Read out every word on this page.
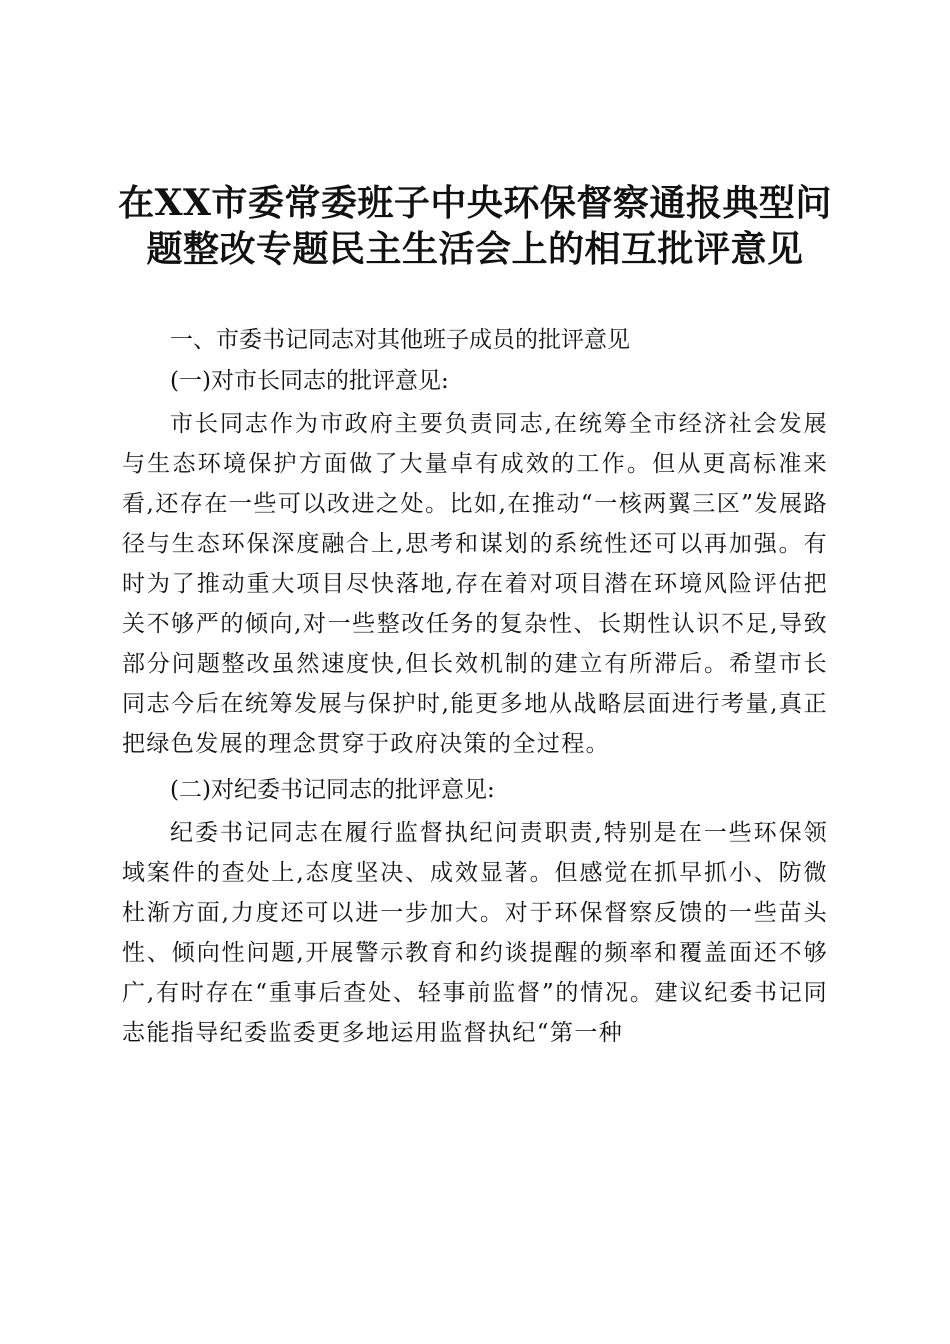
在XX市委常委班子中央环保督察通报典型问
题整改专题民主生活会上的相互批评意见

一、市委书记同志对其他班子成员的批评意见

(一)对市长同志的批评意见:

市长同志作为市政府主要负责同志,在统筹全市经济社会发展与生态环境保护方面做了大量卓有成效的工作。但从更高标准来看,还存在一些可以改进之处。比如,在推动“一核两翼三区”发展路径与生态环保深度融合上,思考和谋划的系统性还可以再加强。有时为了推动重大项目尽快落地,存在着对项目潜在环境风险评估把关不够严的倾向,对一些整改任务的复杂性、长期性认识不足,导致部分问题整改虽然速度快,但长效机制的建立有所滞后。希望市长同志今后在统筹发展与保护时,能更多地从战略层面进行考量,真正把绿色发展的理念贯穿于政府决策的全过程。

(二)对纪委书记同志的批评意见:

纪委书记同志在履行监督执纪问责职责,特别是在一些环保领域案件的查处上,态度坚决、成效显著。但感觉在抓早抓小、防微杜渐方面,力度还可以进一步加大。对于环保督察反馈的一些苗头性、倾向性问题,开展警示教育和约谈提醒的频率和覆盖面还不够广,有时存在“重事后查处、轻事前监督”的情况。建议纪委书记同志能指导纪委监委更多地运用监督执纪“第一种
